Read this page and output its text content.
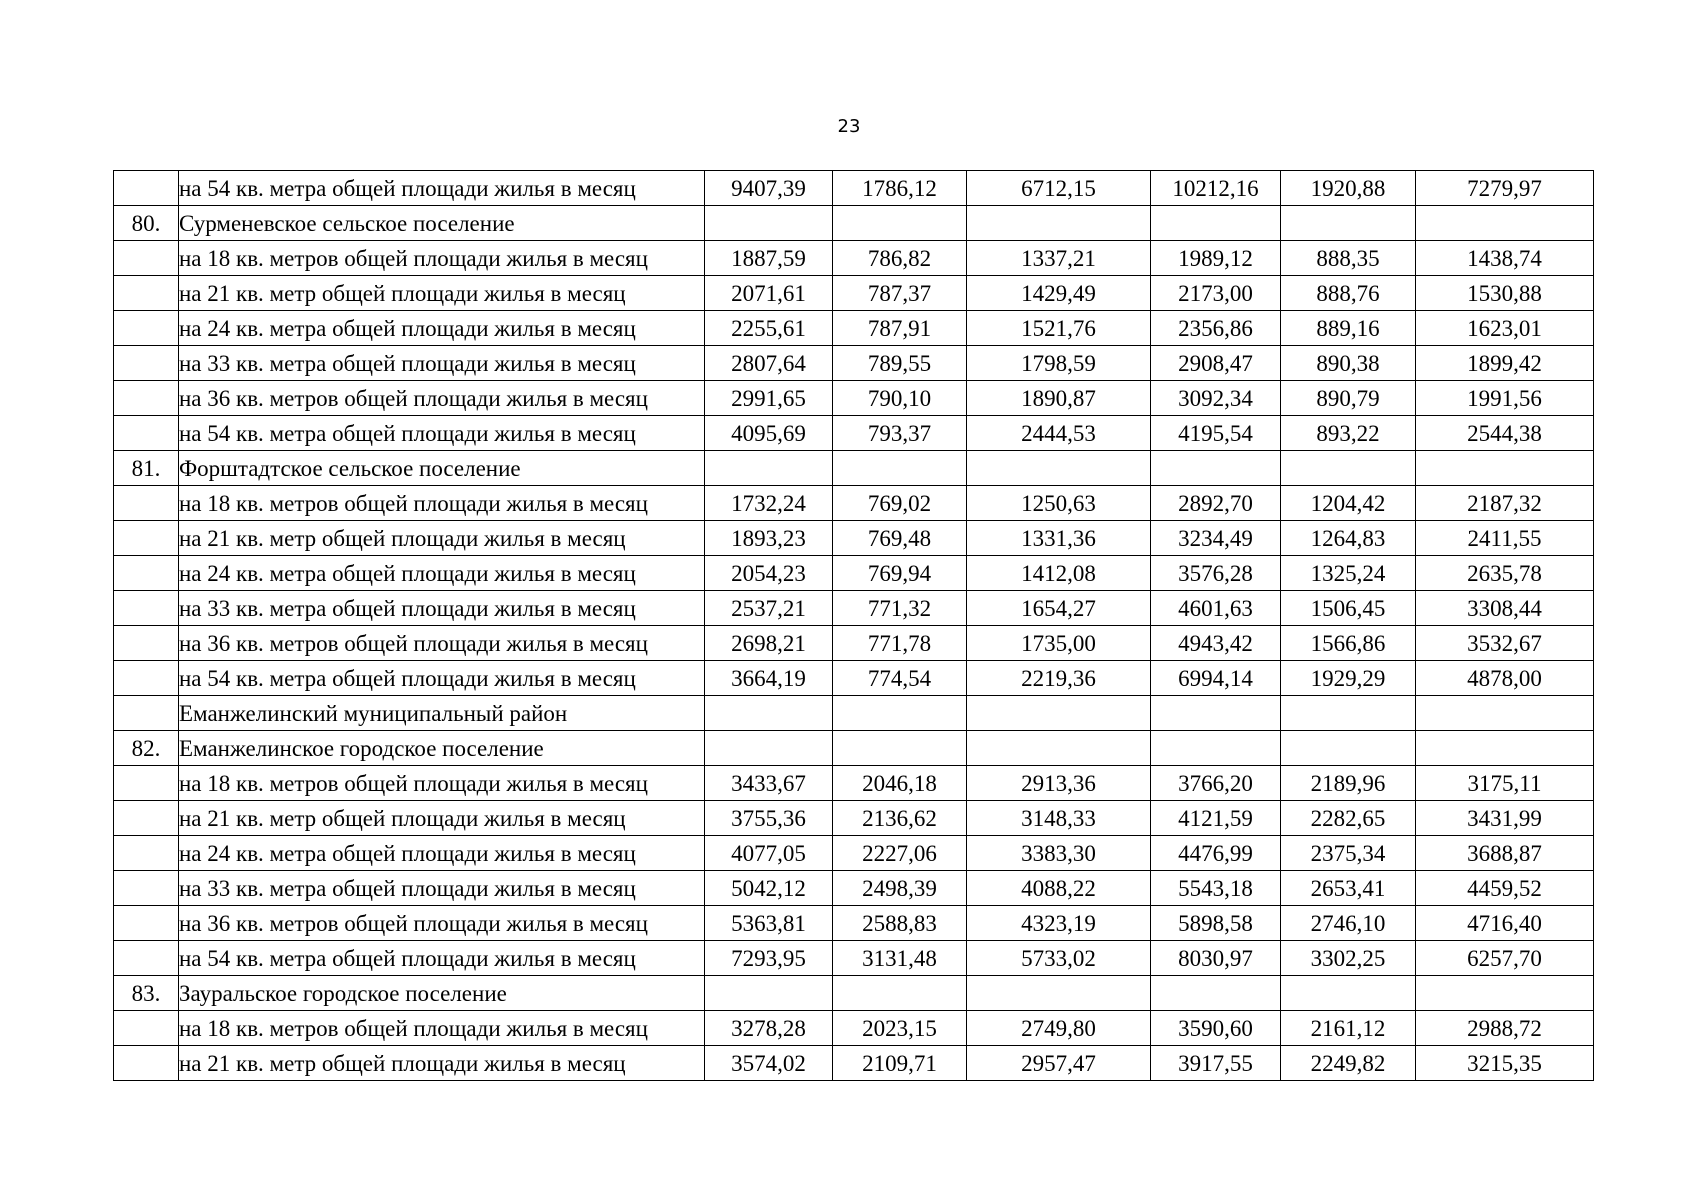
23
	на 54 кв. метра общей площади жилья в месяц	9407,39	1786,12	6712,15	10212,16	1920,88	7279,97
80.	Сурменевское сельское поселение						
	на 18 кв. метров общей площади жилья в месяц	1887,59	786,82	1337,21	1989,12	888,35	1438,74
	на 21 кв. метр общей площади жилья в месяц	2071,61	787,37	1429,49	2173,00	888,76	1530,88
	на 24 кв. метра общей площади жилья в месяц	2255,61	787,91	1521,76	2356,86	889,16	1623,01
	на 33 кв. метра общей площади жилья в месяц	2807,64	789,55	1798,59	2908,47	890,38	1899,42
	на 36 кв. метров общей площади жилья в месяц	2991,65	790,10	1890,87	3092,34	890,79	1991,56
	на 54 кв. метра общей площади жилья в месяц	4095,69	793,37	2444,53	4195,54	893,22	2544,38
81.	Форштадтское сельское поселение						
	на 18 кв. метров общей площади жилья в месяц	1732,24	769,02	1250,63	2892,70	1204,42	2187,32
	на 21 кв. метр общей площади жилья в месяц	1893,23	769,48	1331,36	3234,49	1264,83	2411,55
	на 24 кв. метра общей площади жилья в месяц	2054,23	769,94	1412,08	3576,28	1325,24	2635,78
	на 33 кв. метра общей площади жилья в месяц	2537,21	771,32	1654,27	4601,63	1506,45	3308,44
	на 36 кв. метров общей площади жилья в месяц	2698,21	771,78	1735,00	4943,42	1566,86	3532,67
	на 54 кв. метра общей площади жилья в месяц	3664,19	774,54	2219,36	6994,14	1929,29	4878,00
	Еманжелинский муниципальный район						
82.	Еманжелинское городское поселение						
	на 18 кв. метров общей площади жилья в месяц	3433,67	2046,18	2913,36	3766,20	2189,96	3175,11
	на 21 кв. метр общей площади жилья в месяц	3755,36	2136,62	3148,33	4121,59	2282,65	3431,99
	на 24 кв. метра общей площади жилья в месяц	4077,05	2227,06	3383,30	4476,99	2375,34	3688,87
	на 33 кв. метра общей площади жилья в месяц	5042,12	2498,39	4088,22	5543,18	2653,41	4459,52
	на 36 кв. метров общей площади жилья в месяц	5363,81	2588,83	4323,19	5898,58	2746,10	4716,40
	на 54 кв. метра общей площади жилья в месяц	7293,95	3131,48	5733,02	8030,97	3302,25	6257,70
83.	Зауральское городское поселение						
	на 18 кв. метров общей площади жилья в месяц	3278,28	2023,15	2749,80	3590,60	2161,12	2988,72
	на 21 кв. метр общей площади жилья в месяц	3574,02	2109,71	2957,47	3917,55	2249,82	3215,35
